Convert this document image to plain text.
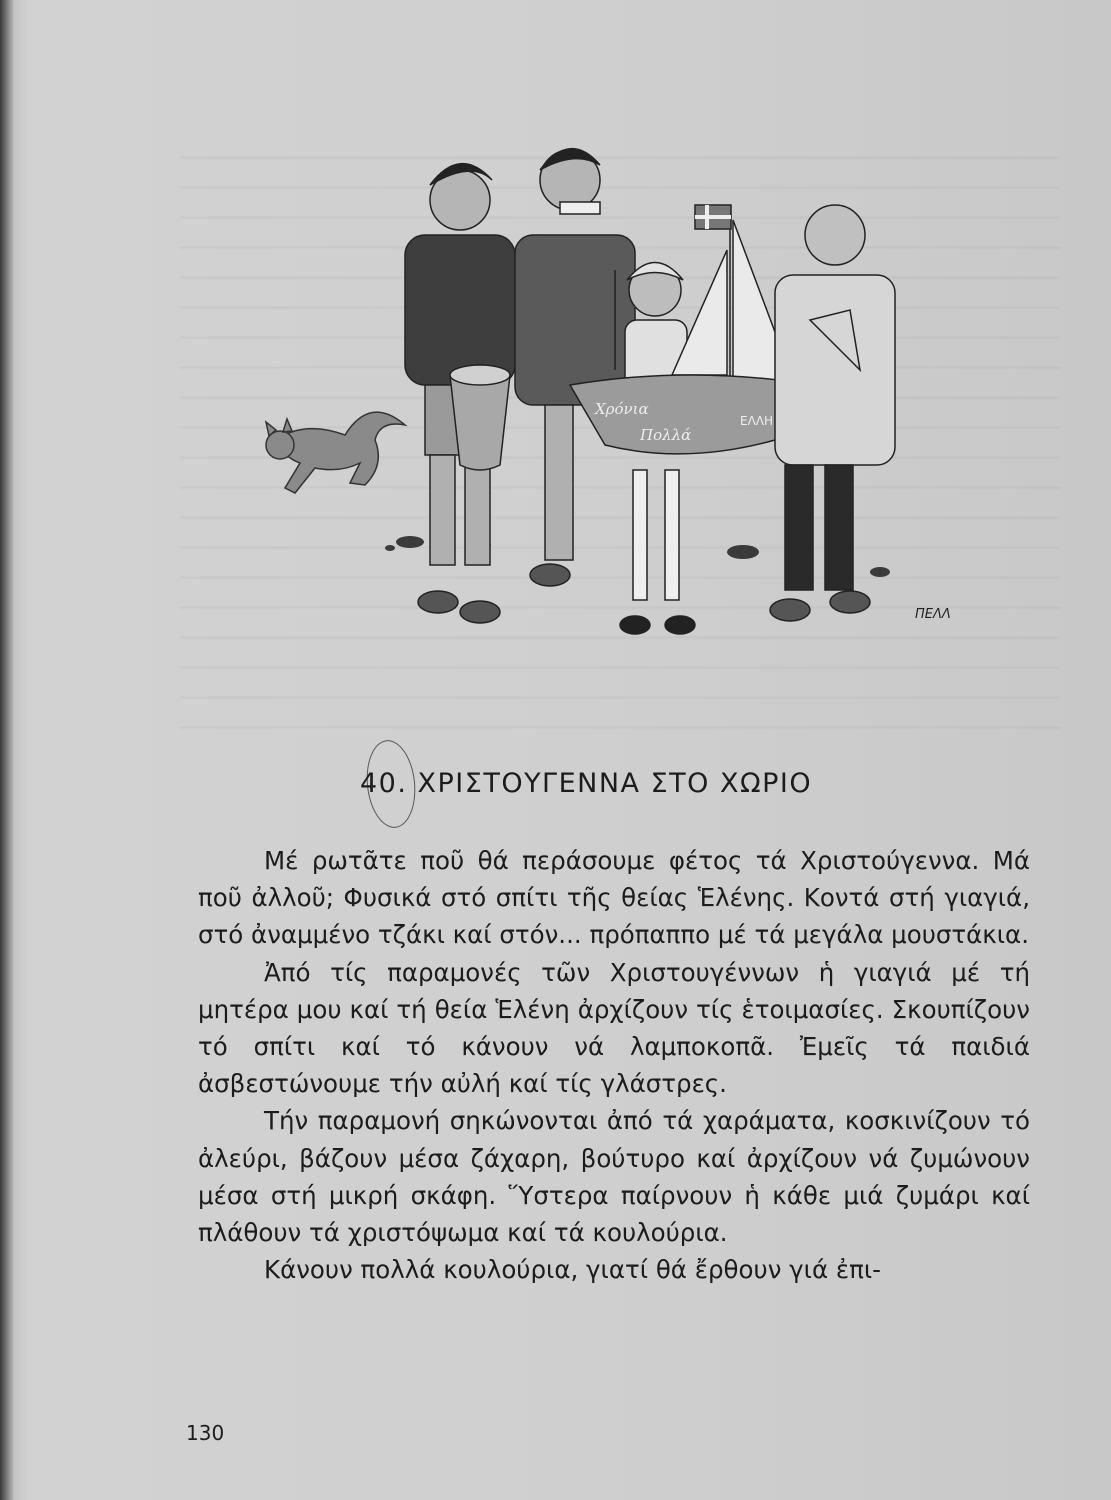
Χρόνια
Πολλά
ΕΛΛΗ
ΠΕΛΛ
40. ΧΡΙΣΤΟΥΓΕΝΝΑ ΣΤΟ ΧΩΡΙΟ

Μέ ρωτᾶτε ποῦ θά περάσουμε φέτος τά Χριστούγεννα. Μά ποῦ ἀλλοῦ; Φυσικά στό σπίτι τῆς θείας Ἑλένης. Κοντά στή γιαγιά, στό ἀναμμένο τζάκι καί στόν... πρόπαππο μέ τά μεγάλα μουστάκια.

Ἀπό τίς παραμονές τῶν Χριστουγέννων ἡ γιαγιά μέ τή μητέρα μου καί τή θεία Ἑλένη ἀρχίζουν τίς ἑτοιμασίες. Σκουπίζουν τό σπίτι καί τό κάνουν νά λαμποκοπᾶ. Ἐμεῖς τά παιδιά ἀσβεστώνουμε τήν αὐλή καί τίς γλάστρες.

Τήν παραμονή σηκώνονται ἀπό τά χαράματα, κοσκινίζουν τό ἀλεύρι, βάζουν μέσα ζάχαρη, βούτυρο καί ἀρχίζουν νά ζυμώνουν μέσα στή μικρή σκάφη. Ὕστερα παίρνουν ἡ κάθε μιά ζυμάρι καί πλάθουν τά χριστόψωμα καί τά κουλούρια.

Κάνουν πολλά κουλούρια, γιατί θά ἔρθουν γιά ἐπι-

130
